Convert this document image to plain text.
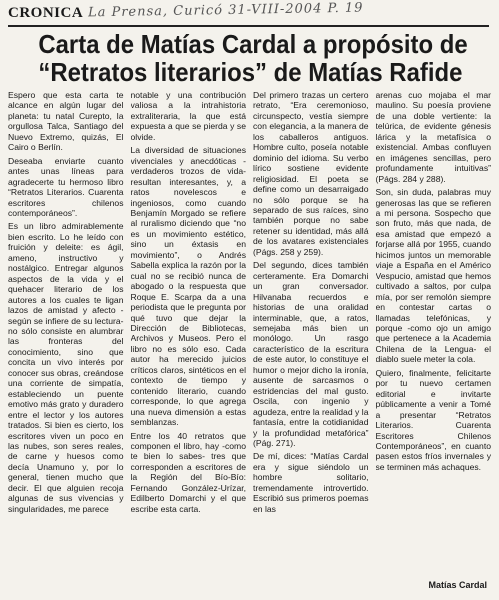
CRONICA La Prensa, Curicó 31-VIII-2004 P. 19
Carta de Matías Cardal a propósito de
“Retratos literarios” de Matías Rafide

Espero que esta carta te alcance en algún lugar del planeta: tu natal Curepto, la orgullosa Talca, Santiago del Nuevo Extremo, quizás, El Cairo o Berlín.

Deseaba enviarte cuanto antes unas líneas para agradecerte tu hermoso libro “Retratos Literarios. Cuarenta escritores chilenos contemporáneos”.

Es un libro admirablemente bien escrito. Lo he leído con fruición y deleite: es ágil, ameno, instructivo y nostálgico. Entregar algunos aspectos de la vida y el quehacer literario de los autores a los cuales te ligan lazos de amistad y afecto -según se infiere de su lectura- no sólo consiste en alumbrar las fronteras del conocimiento, sino que concita un vivo interés por conocer sus obras, creándose una corriente de simpatía, estableciendo un puente emotivo más grato y duradero entre el lector y los autores tratados. Si bien es cierto, los escritores viven un poco en las nubes, son seres reales, de carne y huesos como decía Unamuno y, por lo general, tienen mucho que decir. El que alguien recoja algunas de sus vivencias y singularidades, me parece

notable y una contribución valiosa a la intrahistoria extraliteraria, la que está expuesta a que se pierda y se olvide.

La diversidad de situaciones vivenciales y anecdóticas -verdaderos trozos de vida- resultan interesantes, y, a ratos novelescos e ingeniosos, como cuando Benjamín Morgado se refiere al ruralismo diciendo que “no es un movimiento estético, sino un éxtasis en movimiento”, o Andrés Sabella explica la razón por la cual no se recibió nunca de abogado o la respuesta que Roque E. Scarpa da a una periodista que le pregunta por qué tuvo que dejar la Dirección de Bibliotecas, Archivos y Museos. Pero el libro no es sólo eso. Cada autor ha merecido juicios críticos claros, sintéticos en el contexto de tiempo y contenido literario, cuando corresponde, lo que agrega una nueva dimensión a estas semblanzas.

Entre los 40 retratos que componen el libro, hay -como te bien lo sabes- tres que corresponden a escritores de la Región del Bío-Bío: Fernando González-Urízar, Edilberto Domarchi y el que escribe esta carta.

Del primero trazas un certero retrato, “Era ceremonioso, circunspecto, vestía siempre con elegancia, a la manera de los caballeros antiguos. Hombre culto, poseía notable dominio del idioma. Su verbo lírico sostiene evidente religiosidad. El poeta se define como un desarraigado no sólo porque se ha separado de sus raíces, sino también porque no sabe retener su identidad, más allá de los avatares existenciales (Págs. 258 y 259).

Del segundo, dices también certeramente. Era Domarchi un gran conversador. Hilvanaba recuerdos e historias de una oralidad interminable, que, a ratos, semejaba más bien un monólogo. Un rasgo característico de la escritura de este autor, lo constituye el humor o mejor dicho la ironía, ausente de sarcasmos o estridencias del mal gusto. Oscila, con ingenio y agudeza, entre la realidad y la fantasía, entre la cotidianidad y la profundidad metafórica” (Pág. 271).

De mí, dices: “Matías Cardal era y sigue siéndolo un hombre solitario, tremendamente introvertido. Escribió sus primeros poemas en las

arenas cuo mojaba el mar maulino. Su poesía proviene de una doble vertiente: la telúrica, de evidente génesis lárica y la metafísica o existencial. Ambas confluyen en imágenes sencillas, pero profundamente intuitivas” (Págs. 284 y 288).

Son, sin duda, palabras muy generosas las que se refieren a mi persona. Sospecho que son fruto, más que nada, de esa amistad que empezó a forjarse allá por 1955, cuando hicimos juntos un memorable viaje a España en el Américo Vespucio, amistad que hemos cultivado a saltos, por culpa mía, por ser remolón siempre en contestar cartas o llamadas telefónicas, y porque -como ojo un amigo que pertenece a la Academia Chilena de la Lengua- el diablo suele meter la cola.

Quiero, finalmente, felicitarte por tu nuevo certamen editorial e invitarte públicamente a venir a Tomé a presentar “Retratos Literarios. Cuarenta Escritores Chilenos Contemporáneos”, en cuanto pasen estos fríos invernales y se terminen más achaques.

Matías Cardal
